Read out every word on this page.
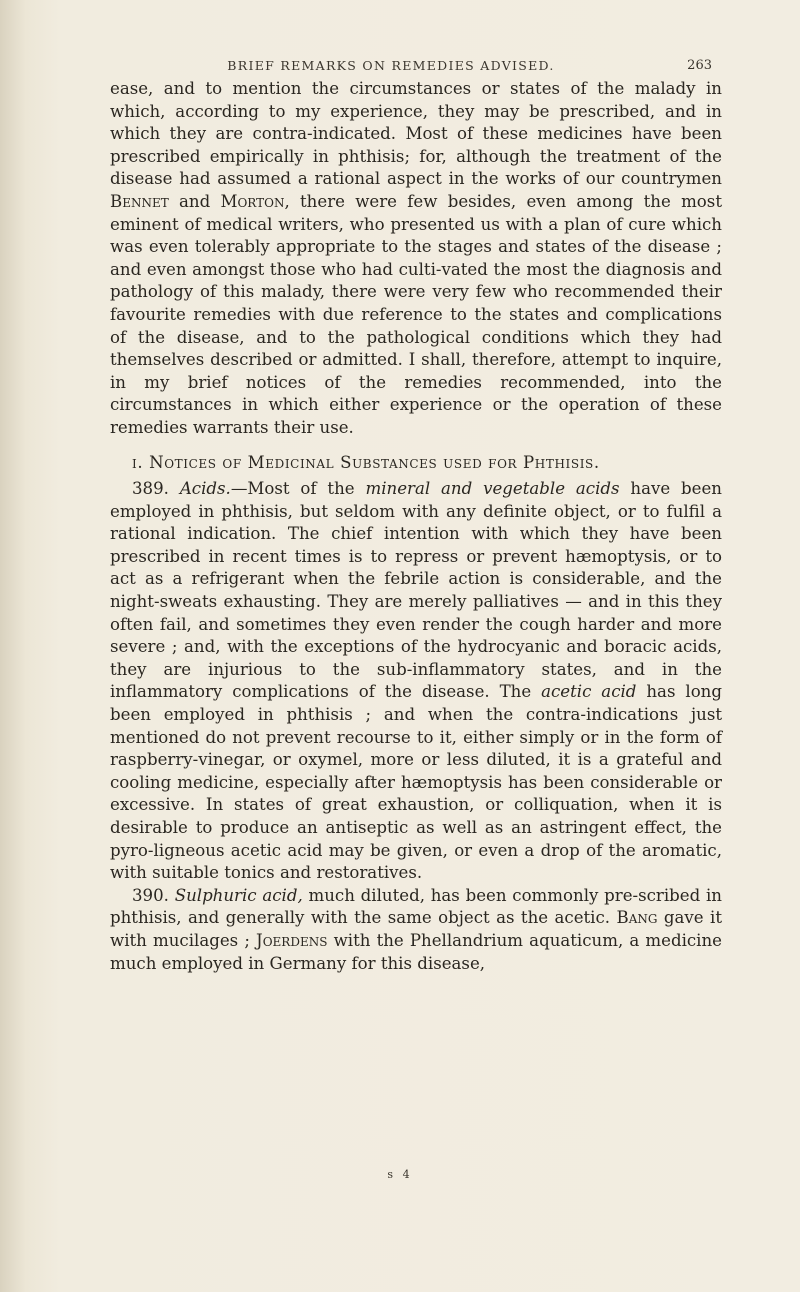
BRIEF REMARKS ON REMEDIES ADVISED.	263

ease, and to mention the circumstances or states of the malady in which, according to my experience, they may be prescribed, and in which they are contra-indicated. Most of these medicines have been prescribed empirically in phthisis; for, although the treatment of the disease had assumed a rational aspect in the works of our countrymen Bennet and Morton, there were few besides, even among the most eminent of medical writers, who presented us with a plan of cure which was even tolerably appropriate to the stages and states of the disease ; and even amongst those who had culti-vated the most the diagnosis and pathology of this malady, there were very few who recommended their favourite remedies with due reference to the states and complications of the disease, and to the pathological conditions which they had themselves described or admitted. I shall, therefore, attempt to inquire, in my brief notices of the remedies recommended, into the circumstances in which either experience or the operation of these remedies warrants their use.

i. Notices of Medicinal Substances used for Phthisis.

389. Acids.—Most of the mineral and vegetable acids have been employed in phthisis, but seldom with any definite object, or to fulfil a rational indication. The chief intention with which they have been prescribed in recent times is to repress or prevent hæmoptysis, or to act as a refrigerant when the febrile action is considerable, and the night-sweats exhausting. They are merely palliatives — and in this they often fail, and sometimes they even render the cough harder and more severe ; and, with the exceptions of the hydrocyanic and boracic acids, they are injurious to the sub-inflammatory states, and in the inflammatory complications of the disease. The acetic acid has long been employed in phthisis ; and when the contra-indications just mentioned do not prevent recourse to it, either simply or in the form of raspberry-vinegar, or oxymel, more or less diluted, it is a grateful and cooling medicine, especially after hæmoptysis has been considerable or excessive. In states of great exhaustion, or colliquation, when it is desirable to produce an antiseptic as well as an astringent effect, the pyro-ligneous acetic acid may be given, or even a drop of the aromatic, with suitable tonics and restoratives.

390. Sulphuric acid, much diluted, has been commonly pre-scribed in phthisis, and generally with the same object as the acetic. Bang gave it with mucilages ; Joerdens with the Phellandrium aquaticum, a medicine much employed in Germany for this disease,

s 4
